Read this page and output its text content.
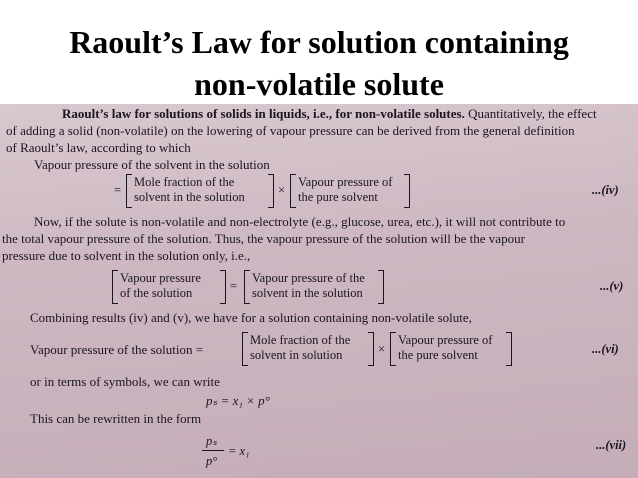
Raoult’s Law for solution containing
non-volatile solute
Raoult’s law for solutions of solids in liquids, i.e., for non-volatile solutes. Quantitatively, the effect
of adding a solid (non-volatile) on the lowering of vapour pressure can be derived from the general definition
of Raoult’s law, according to which
Vapour pressure of the solvent in the solution
=
Mole fraction of the
solvent in the solution	×
Vapour pressure of
the pure solvent	...(iv)
Now, if the solute is non-volatile and non-electrolyte (e.g., glucose, urea, etc.), it will not contribute to
the total vapour pressure of the solution. Thus, the vapour pressure of the solution will be the vapour
pressure due to solvent in the solution only, i.e.,
Vapour pressure
of the solution	=
Vapour pressure of the
solvent in the solution	...(v)
Combining results (iv) and (v), we have for a solution containing non-volatile solute,
Vapour pressure of the solution =
Mole fraction of the
solvent in solution	×
Vapour pressure of
the pure solvent	...(vi)
or in terms of symbols, we can write
pₛ = x₁ × p°
This can be rewritten in the form
pₛ
p°
= x₁	...(vii)
